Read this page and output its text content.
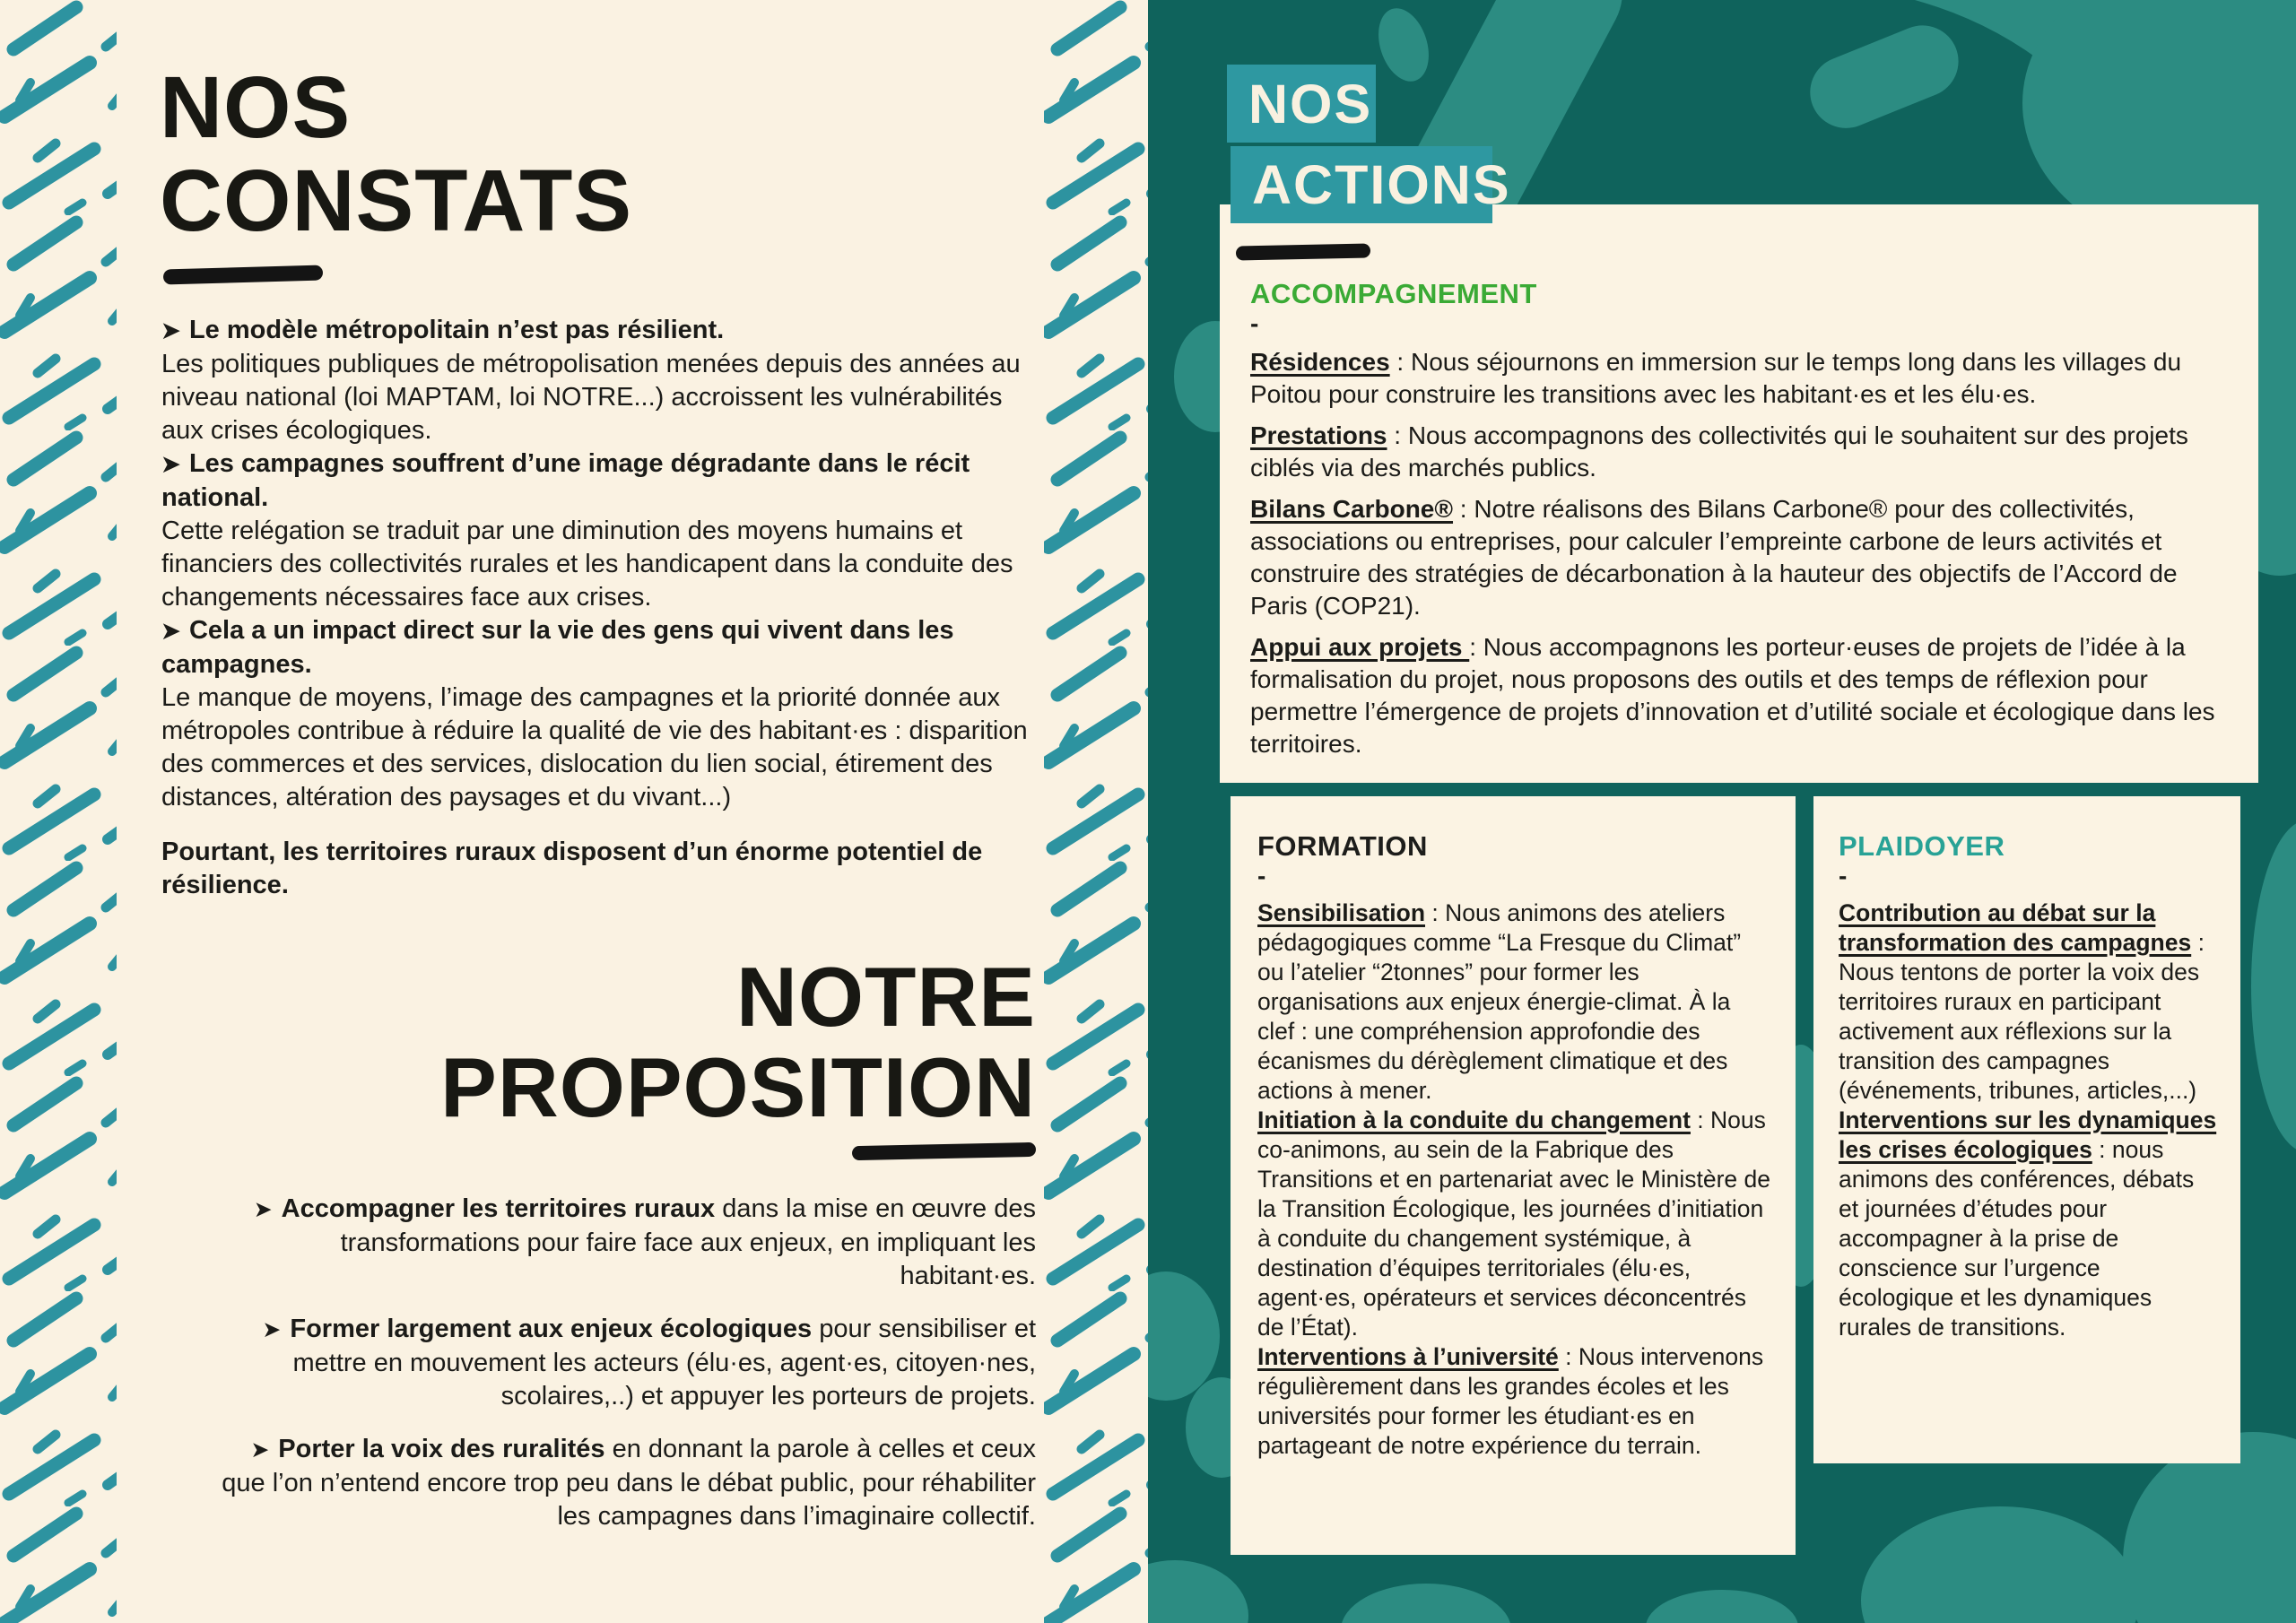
NOS
CONSTATS

➤ Le modèle métropolitain n’est pas résilient.

Les politiques publiques de métropolisation menées depuis des années au niveau national (loi MAPTAM, loi NOTRE...) accroissent les vulnérabilités aux crises écologiques.

➤ Les campagnes souffrent d’une image dégradante dans le récit national.

Cette relégation se traduit par une diminution des moyens humains et financiers des collectivités rurales et les handicapent dans la conduite des changements nécessaires face aux crises.

➤ Cela a un impact direct sur la vie des gens qui vivent dans les campagnes.

Le manque de moyens, l’image des campagnes et la priorité donnée aux métropoles contribue à réduire la qualité de vie des habitant·es : disparition des commerces et des services, dislocation du lien social, étirement des distances, altération des paysages et du vivant...)

Pourtant, les territoires ruraux disposent d’un énorme potentiel de résilience.

NOTRE
PROPOSITION

➤ Accompagner les territoires ruraux dans la mise en œuvre des transformations pour faire face aux enjeux, en impliquant les habitant·es.

➤ Former largement aux enjeux écologiques pour sensibiliser et mettre en mouvement les acteurs (élu·es, agent·es, citoyen·nes, scolaires,..) et appuyer les porteurs de projets.

➤ Porter la voix des ruralités en donnant la parole à celles et ceux que l’on n’entend encore trop peu dans le débat public, pour réhabiliter les campagnes dans l’imaginaire collectif.

NOS
ACTIONS
ACCOMPAGNEMENT

-

Résidences : Nous séjournons en immersion sur le temps long dans les villages du Poitou pour construire les transitions avec les habitant·es et les élu·es.

Prestations : Nous accompagnons des collectivités qui le souhaitent sur des projets ciblés via des marchés publics.

Bilans Carbone® : Notre réalisons des Bilans Carbone® pour des collectivités, associations ou entreprises, pour calculer l’empreinte carbone de leurs activités et construire des stratégies de décarbonation à la hauteur des objectifs de l’Accord de Paris (COP21).

Appui aux projets : Nous accompagnons les porteur·euses de projets de l’idée à la formalisation du projet, nous proposons des outils et des temps de réflexion pour permettre l’émergence de projets d’innovation et d’utilité sociale et écologique dans les territoires.

FORMATION

-

Sensibilisation : Nous animons des ateliers pédagogiques comme “La Fresque du Climat” ou l’atelier “2tonnes” pour former les organisations aux enjeux énergie-climat. À la clef : une compréhension approfondie des écanismes du dérèglement climatique et des actions à mener.

Initiation à la conduite du changement : Nous co-animons, au sein de la Fabrique des Transitions et en partenariat avec le Ministère de la Transition Écologique, les journées d’initiation à conduite du changement systémique, à destination d’équipes territoriales (élu·es, agent·es, opérateurs et services déconcentrés de l’État).

Interventions à l’université : Nous intervenons régulièrement dans les grandes écoles et les universités pour former les étudiant·es en partageant de notre expérience du terrain.

PLAIDOYER

-

Contribution au débat sur la transformation des campagnes : Nous tentons de porter la voix des territoires ruraux en participant activement aux réflexions sur la transition des campagnes (événements, tribunes, articles,...)

Interventions sur les dynamiques les crises écologiques : nous animons des conférences, débats et journées d’études pour accompagner à la prise de conscience sur l’urgence écologique et les dynamiques rurales de transitions.
